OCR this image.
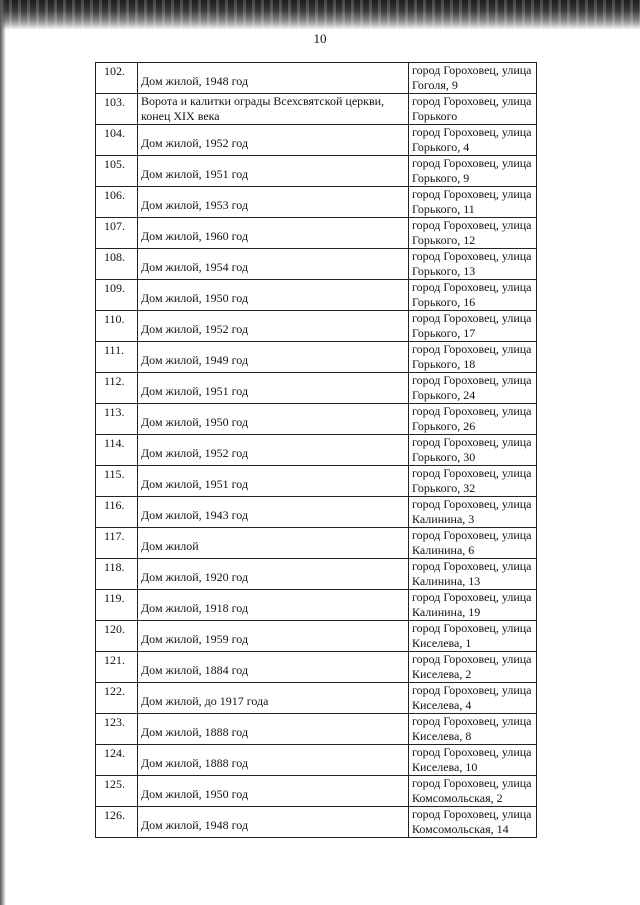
10
102.	Дом жилой, 1948 год	город Гороховец, улица Гоголя, 9
103.	Ворота и калитки ограды Всехсвятской церкви, конец XIX века	город Гороховец, улица Горького
104.	Дом жилой, 1952 год	город Гороховец, улица Горького, 4
105.	Дом жилой, 1951 год	город Гороховец, улица Горького, 9
106.	Дом жилой, 1953 год	город Гороховец, улица Горького, 11
107.	Дом жилой, 1960 год	город Гороховец, улица Горького, 12
108.	Дом жилой, 1954 год	город Гороховец, улица Горького, 13
109.	Дом жилой, 1950 год	город Гороховец, улица Горького, 16
110.	Дом жилой, 1952 год	город Гороховец, улица Горького, 17
111.	Дом жилой, 1949 год	город Гороховец, улица Горького, 18
112.	Дом жилой, 1951 год	город Гороховец, улица Горького, 24
113.	Дом жилой, 1950 год	город Гороховец, улица Горького, 26
114.	Дом жилой, 1952 год	город Гороховец, улица Горького, 30
115.	Дом жилой, 1951 год	город Гороховец, улица Горького, 32
116.	Дом жилой, 1943 год	город Гороховец, улица Калинина, 3
117.	Дом жилой	город Гороховец, улица Калинина, 6
118.	Дом жилой, 1920 год	город Гороховец, улица Калинина, 13
119.	Дом жилой, 1918 год	город Гороховец, улица Калинина, 19
120.	Дом жилой, 1959 год	город Гороховец, улица Киселева, 1
121.	Дом жилой, 1884 год	город Гороховец, улица Киселева, 2
122.	Дом жилой, до 1917 года	город Гороховец, улица Киселева, 4
123.	Дом жилой, 1888 год	город Гороховец, улица Киселева, 8
124.	Дом жилой, 1888 год	город Гороховец, улица Киселева, 10
125.	Дом жилой, 1950 год	город Гороховец, улица Комсомольская, 2
126.	Дом жилой, 1948 год	город Гороховец, улица Комсомольская, 14
